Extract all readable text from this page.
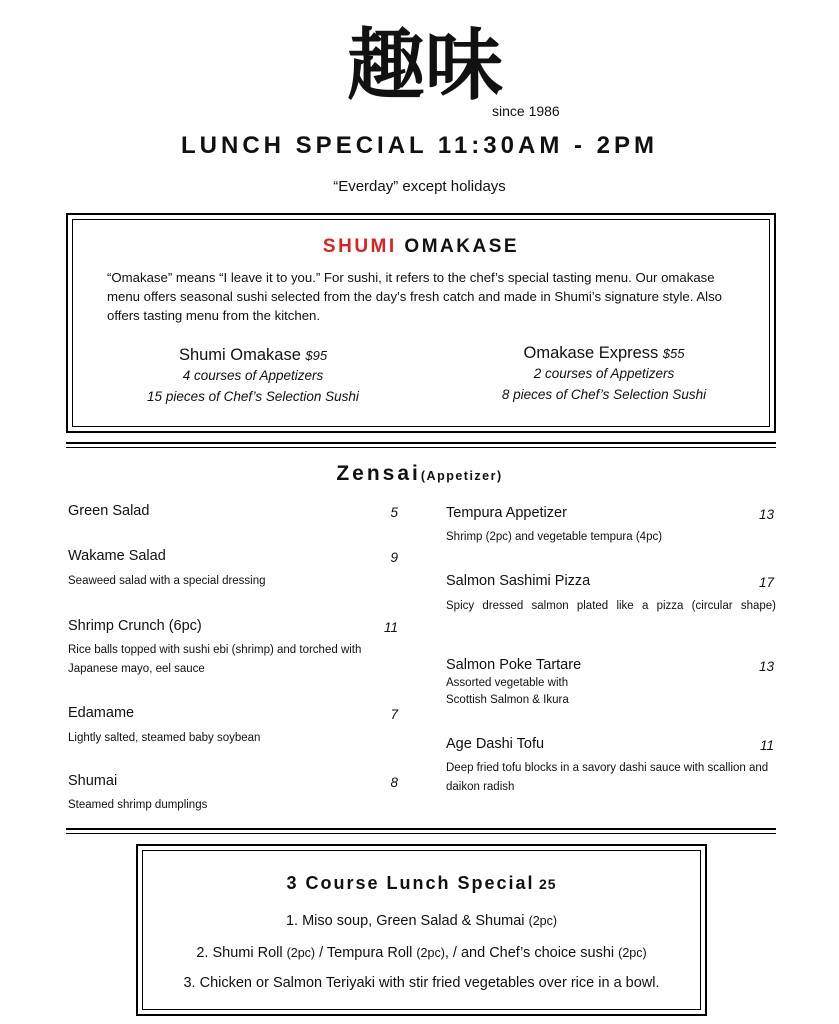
趣味
since 1986
LUNCH SPECIAL 11:30AM - 2PM
“Everday” except holidays
SHUMI OMAKASE
“Omakase” means “I leave it to you.” For sushi, it refers to the chef’s special tasting menu. Our omakase menu offers seasonal sushi selected from the day’s fresh catch and made in Shumi’s signature style. Also offers tasting menu from the kitchen.
Shumi Omakase $95
4 courses of Appetizers
15 pieces of Chef’s Selection Sushi
Omakase Express $55
2 courses of Appetizers
8 pieces of Chef’s Selection Sushi
Zensai(Appetizer)
Green Salad	5
Wakame Salad	9
Seaweed salad with a special dressing
Shrimp Crunch (6pc)	11
Rice balls topped with sushi ebi (shrimp) and torched with Japanese mayo, eel sauce
Edamame	7
Lightly salted, steamed baby soybean
Shumai	8
Steamed shrimp dumplings
Tempura Appetizer	13
Shrimp (2pc) and vegetable tempura (4pc)
Salmon Sashimi Pizza	17
Spicy dressed salmon plated like a pizza (circular shape)
Salmon Poke Tartare	13
Assorted vegetable with
Scottish Salmon & Ikura
Age Dashi Tofu	11
Deep fried tofu blocks in a savory dashi sauce with scallion and daikon radish
3 Course Lunch Special 25
1. Miso soup, Green Salad & Shumai (2pc)
2. Shumi Roll (2pc) / Tempura Roll (2pc), / and Chef’s choice sushi (2pc)
3. Chicken or Salmon Teriyaki with stir fried vegetables over rice in a bowl.
